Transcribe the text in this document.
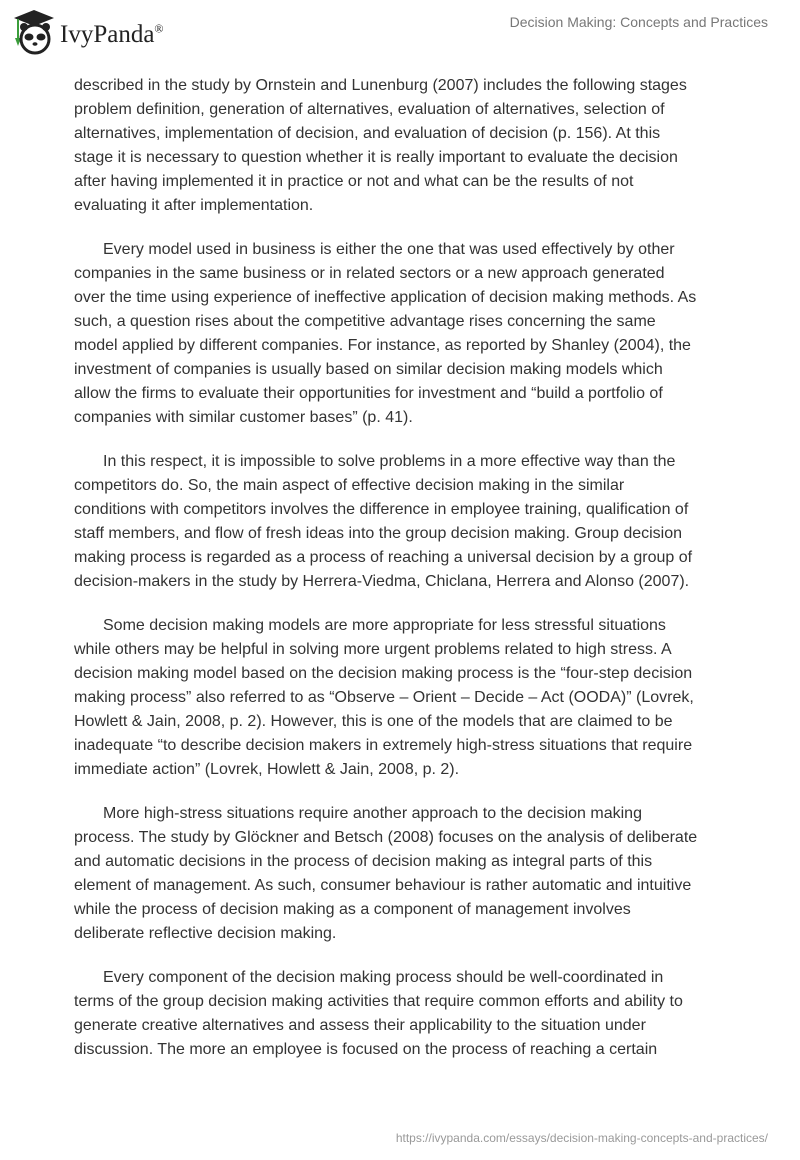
IvyPanda®	Decision Making: Concepts and Practices
described in the study by Ornstein and Lunenburg (2007) includes the following stages
problem definition, generation of alternatives, evaluation of alternatives, selection of
alternatives, implementation of decision, and evaluation of decision (p. 156). At this
stage it is necessary to question whether it is really important to evaluate the decision
after having implemented it in practice or not and what can be the results of not
evaluating it after implementation.
Every model used in business is either the one that was used effectively by other
companies in the same business or in related sectors or a new approach generated
over the time using experience of ineffective application of decision making methods. As
such, a question rises about the competitive advantage rises concerning the same
model applied by different companies. For instance, as reported by Shanley (2004), the
investment of companies is usually based on similar decision making models which
allow the firms to evaluate their opportunities for investment and “build a portfolio of
companies with similar customer bases” (p. 41).
In this respect, it is impossible to solve problems in a more effective way than the
competitors do. So, the main aspect of effective decision making in the similar
conditions with competitors involves the difference in employee training, qualification of
staff members, and flow of fresh ideas into the group decision making. Group decision
making process is regarded as a process of reaching a universal decision by a group of
decision-makers in the study by Herrera-Viedma, Chiclana, Herrera and Alonso (2007).
Some decision making models are more appropriate for less stressful situations
while others may be helpful in solving more urgent problems related to high stress. A
decision making model based on the decision making process is the “four-step decision
making process” also referred to as “Observe – Orient – Decide – Act (OODA)” (Lovrek,
Howlett & Jain, 2008, p. 2). However, this is one of the models that are claimed to be
inadequate “to describe decision makers in extremely high-stress situations that require
immediate action” (Lovrek, Howlett & Jain, 2008, p. 2).
More high-stress situations require another approach to the decision making
process. The study by Glöckner and Betsch (2008) focuses on the analysis of deliberate
and automatic decisions in the process of decision making as integral parts of this
element of management. As such, consumer behaviour is rather automatic and intuitive
while the process of decision making as a component of management involves
deliberate reflective decision making.
Every component of the decision making process should be well-coordinated in
terms of the group decision making activities that require common efforts and ability to
generate creative alternatives and assess their applicability to the situation under
discussion. The more an employee is focused on the process of reaching a certain
https://ivypanda.com/essays/decision-making-concepts-and-practices/
